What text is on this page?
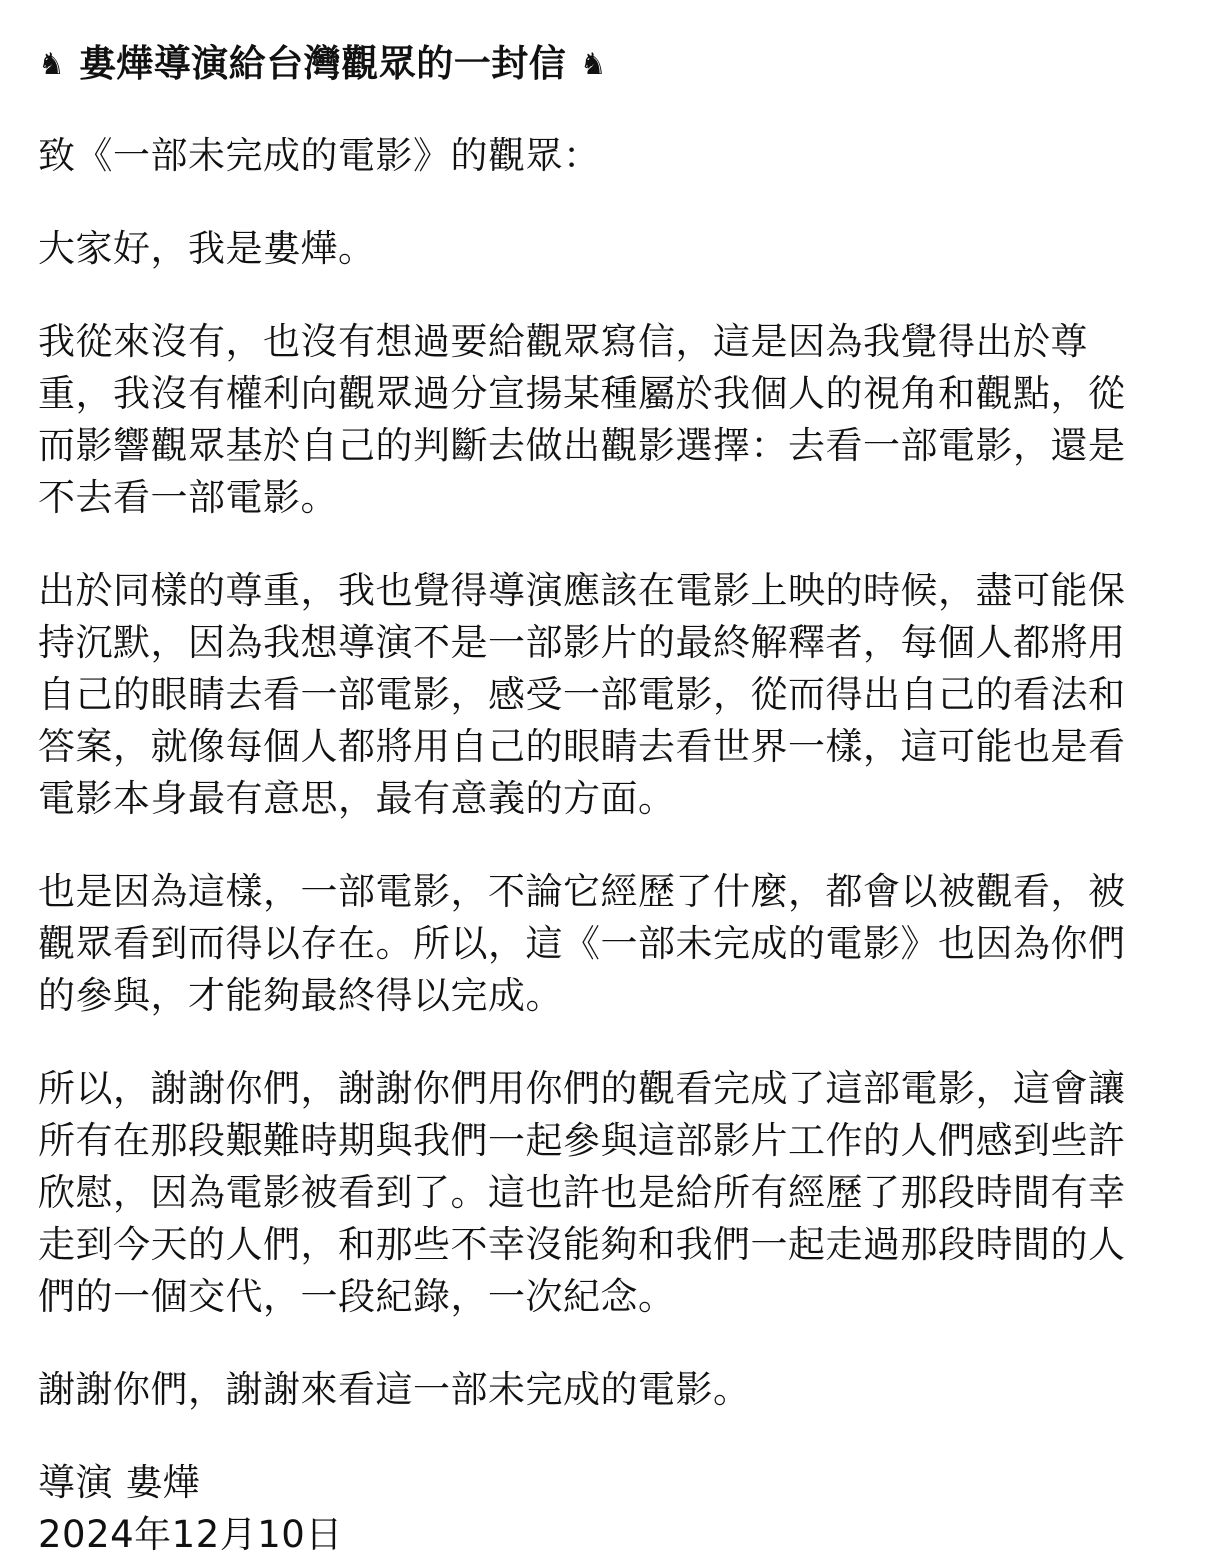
♞ 婁燁導演給台灣觀眾的一封信 ♞
致《一部未完成的電影》的觀眾：
大家好，我是婁燁。
我從來沒有，也沒有想過要給觀眾寫信，這是因為我覺得出於尊
重，我沒有權利向觀眾過分宣揚某種屬於我個人的視角和觀點，從
而影響觀眾基於自己的判斷去做出觀影選擇：去看一部電影，還是
不去看一部電影。
出於同樣的尊重，我也覺得導演應該在電影上映的時候，盡可能保
持沉默，因為我想導演不是一部影片的最終解釋者，每個人都將用
自己的眼睛去看一部電影，感受一部電影，從而得出自己的看法和
答案，就像每個人都將用自己的眼睛去看世界一樣，這可能也是看
電影本身最有意思，最有意義的方面。
也是因為這樣，一部電影，不論它經歷了什麼，都會以被觀看，被
觀眾看到而得以存在。所以，這《一部未完成的電影》也因為你們
的參與，才能夠最終得以完成。
所以，謝謝你們，謝謝你們用你們的觀看完成了這部電影，這會讓
所有在那段艱難時期與我們一起參與這部影片工作的人們感到些許
欣慰，因為電影被看到了。這也許也是給所有經歷了那段時間有幸
走到今天的人們，和那些不幸沒能夠和我們一起走過那段時間的人
們的一個交代，一段紀錄，一次紀念。
謝謝你們，謝謝來看這一部未完成的電影。
導演 婁燁
2024年12月10日
